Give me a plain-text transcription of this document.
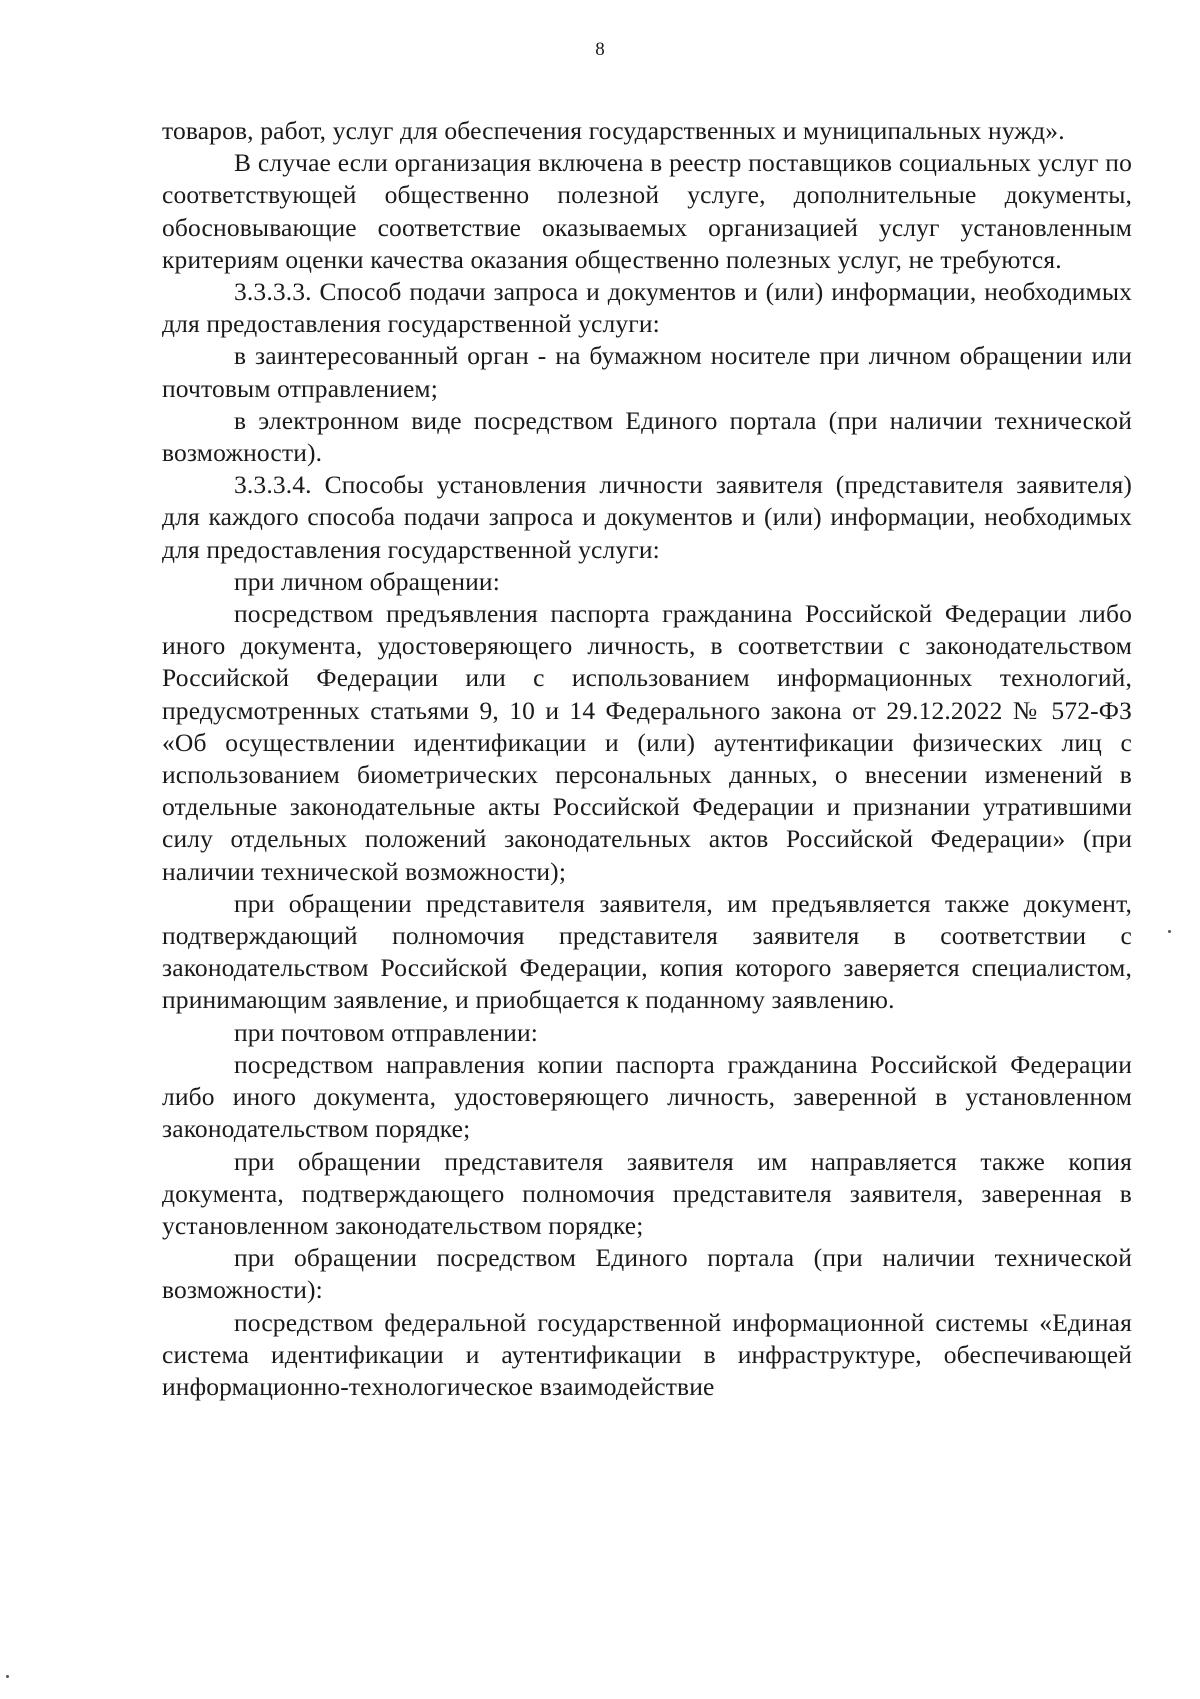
8

товаров, работ, услуг для обеспечения государственных и муниципальных нужд».

В случае если организация включена в реестр поставщиков социальных услуг по соответствующей общественно полезной услуге, дополнительные документы, обосновывающие соответствие оказываемых организацией услуг установленным критериям оценки качества оказания общественно полезных услуг, не требуются.

3.3.3.3. Способ подачи запроса и документов и (или) информации, необходимых для предоставления государственной услуги:

в заинтересованный орган - на бумажном носителе при личном обращении или почтовым отправлением;

в электронном виде посредством Единого портала (при наличии технической возможности).

3.3.3.4. Способы установления личности заявителя (представителя заявителя) для каждого способа подачи запроса и документов и (или) информации, необходимых для предоставления государственной услуги:

при личном обращении:

посредством предъявления паспорта гражданина Российской Федерации либо иного документа, удостоверяющего личность, в соответствии с законодательством Российской Федерации или с использованием информационных технологий, предусмотренных статьями 9, 10 и 14 Федерального закона от 29.12.2022 № 572-ФЗ «Об осуществлении идентификации и (или) аутентификации физических лиц с использованием биометрических персональных данных, о внесении изменений в отдельные законодательные акты Российской Федерации и признании утратившими силу отдельных положений законодательных актов Российской Федерации» (при наличии технической возможности);

при обращении представителя заявителя, им предъявляется также документ, подтверждающий полномочия представителя заявителя в соответствии с законодательством Российской Федерации, копия которого заверяется специалистом, принимающим заявление, и приобщается к поданному заявлению.

при почтовом отправлении:

посредством направления копии паспорта гражданина Российской Федерации либо иного документа, удостоверяющего личность, заверенной в установленном законодательством порядке;

при обращении представителя заявителя им направляется также копия документа, подтверждающего полномочия представителя заявителя, заверенная в установленном законодательством порядке;

при обращении посредством Единого портала (при наличии технической возможности):

посредством федеральной государственной информационной системы «Единая система идентификации и аутентификации в инфраструктуре, обеспечивающей информационно-технологическое взаимодействие
